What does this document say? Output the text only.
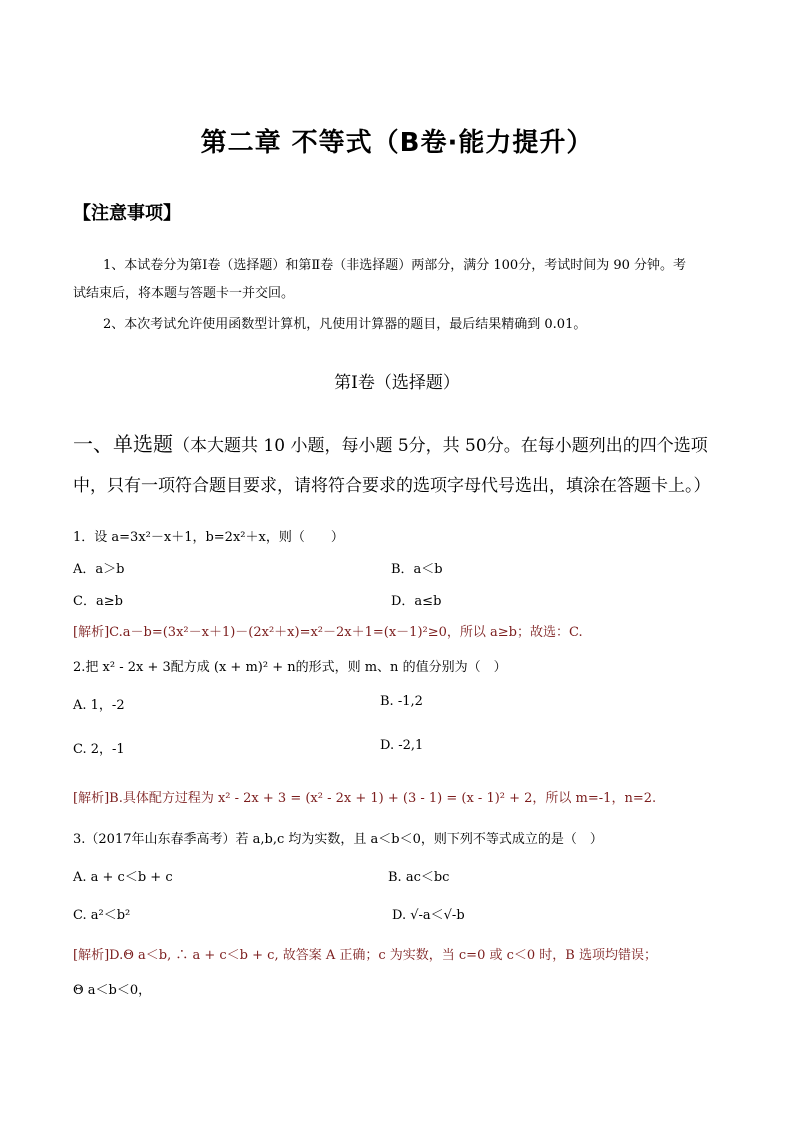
第二章 不等式（B卷·能力提升）
【注意事项】
1、本试卷分为第Ⅰ卷（选择题）和第Ⅱ卷（非选择题）两部分，满分 100分，考试时间为 90 分钟。考
试结束后，将本题与答题卡一并交回。
2、本次考试允许使用函数型计算机，凡使用计算器的题目，最后结果精确到 0.01。
第Ⅰ卷（选择题）
一、单选题（本大题共 10 小题，每小题 5分，共 50分。在每小题列出的四个选项中，只有一项符合题目要求，请将符合要求的选项字母代号选出，填涂在答题卡上。）
1．设 a=3x²－x＋1，b=2x²＋x，则（　　）
A．a＞b	B．a＜b
C．a≥b	D．a≤b
[解析]C.a－b=(3x²－x＋1)－(2x²＋x)=x²－2x＋1=(x－1)²≥0，所以 a≥b；故选：C.
2.把 x² - 2x + 3配方成 (x + m)² + n的形式，则 m、n 的值分别为（　）
A. 1，-2	B. -1,2
C. 2，-1	D. -2,1
[解析]B.具体配方过程为 x² - 2x + 3 = (x² - 2x + 1) + (3 - 1) = (x - 1)² + 2，所以 m=-1，n=2.
3.（2017年山东春季高考）若 a,b,c 均为实数，且 a＜b＜0，则下列不等式成立的是（　）
A. a + c＜b + c	B. ac＜bc
C. a²＜b²	D. √-a＜√-b
[解析]D.Θ a＜b, ∴ a + c＜b + c, 故答案 A 正确；c 为实数，当 c=0 或 c＜0 时，B 选项均错误；
Θ a＜b＜0，
